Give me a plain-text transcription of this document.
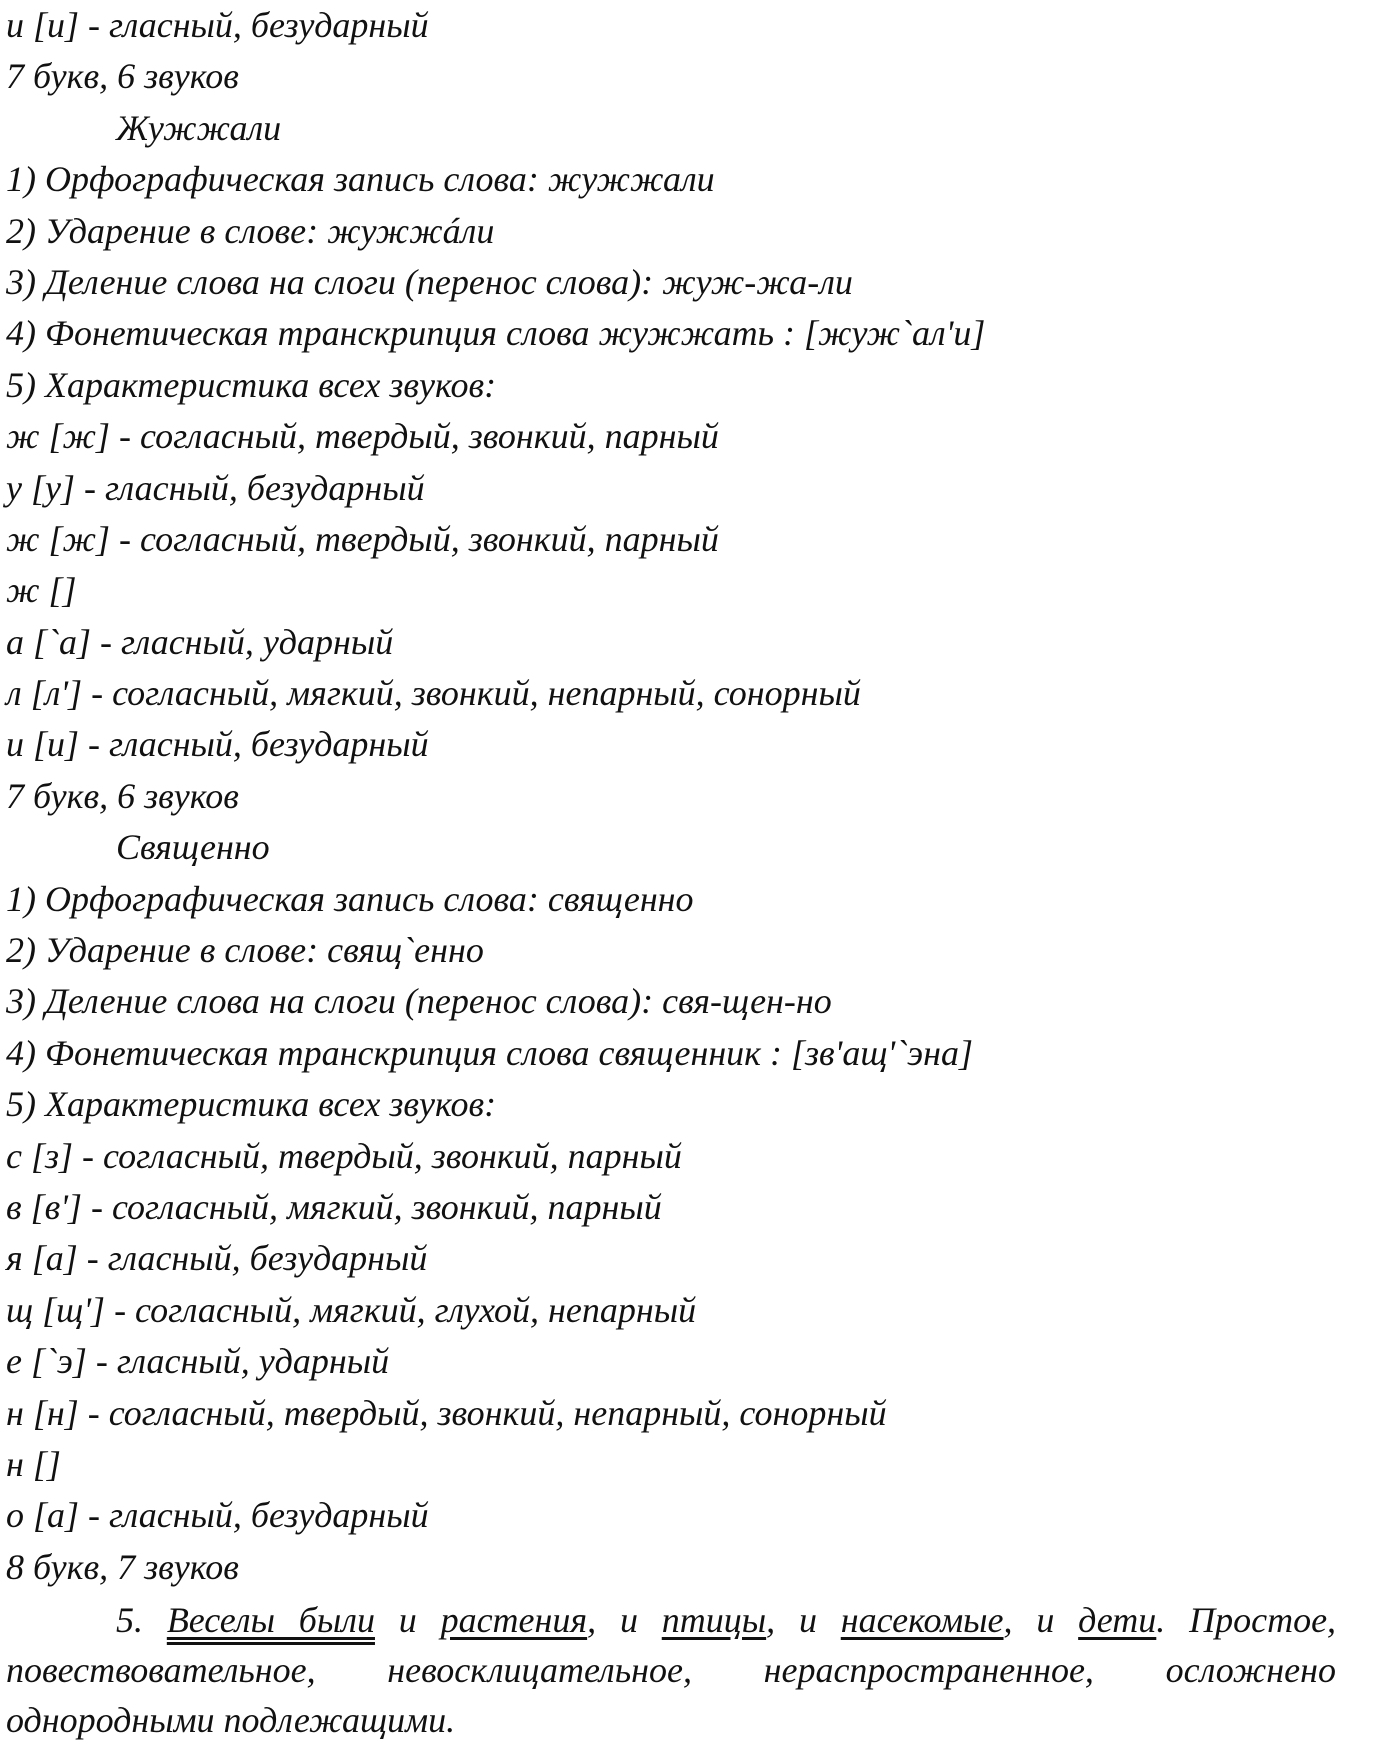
и [и] - гласный, безударный
7 букв, 6 звуков
Жужжали
1) Орфографическая запись слова: жужжали
2) Ударение в слове: жужжáли
3) Деление слова на слоги (перенос слова): жуж-жа-ли
4) Фонетическая транскрипция слова жужжать : [жуж`ал'и]
5) Характеристика всех звуков:
ж [ж] - согласный, твердый, звонкий, парный
у [у] - гласный, безударный
ж [ж] - согласный, твердый, звонкий, парный
ж []
а [`а] - гласный, ударный
л [л'] - согласный, мягкий, звонкий, непарный, сонорный
и [и] - гласный, безударный
7 букв, 6 звуков
Священно
1) Орфографическая запись слова: священно
2) Ударение в слове: свящ`енно
3) Деление слова на слоги (перенос слова): свя-щен-но
4) Фонетическая транскрипция слова священник : [зв'ащ'`эна]
5) Характеристика всех звуков:
с [з] - согласный, твердый, звонкий, парный
в [в'] - согласный, мягкий, звонкий, парный
я [а] - гласный, безударный
щ [щ'] - согласный, мягкий, глухой, непарный
е [`э] - гласный, ударный
н [н] - согласный, твердый, звонкий, непарный, сонорный
н []
о [а] - гласный, безударный
8 букв, 7 звуков
5. Веселы были и растения, и птицы, и насекомые, и дети. Простое, повествовательное, невосклицательное, нераспространенное, осложнено однородными подлежащими.
